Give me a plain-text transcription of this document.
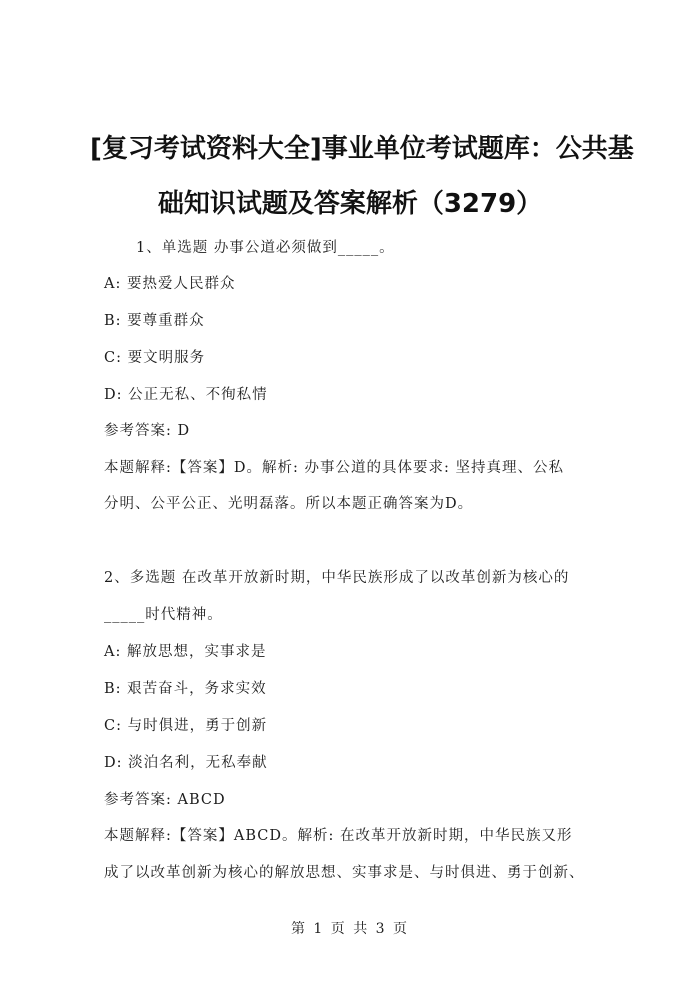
[复习考试资料大全]事业单位考试题库：公共基
础知识试题及答案解析（3279）
1、单选题 办事公道必须做到_____。
A: 要热爱人民群众
B: 要尊重群众
C: 要文明服务
D: 公正无私、不徇私情
参考答案: D
本题解释:【答案】D。解析: 办事公道的具体要求: 坚持真理、公私
分明、公平公正、光明磊落。所以本题正确答案为D。
2、多选题 在改革开放新时期，中华民族形成了以改革创新为核心的
_____时代精神。
A: 解放思想，实事求是
B: 艰苦奋斗，务求实效
C: 与时俱进，勇于创新
D: 淡泊名利，无私奉献
参考答案: ABCD
本题解释:【答案】ABCD。解析: 在改革开放新时期，中华民族又形
成了以改革创新为核心的解放思想、实事求是、与时俱进、勇于创新、
第 1 页 共 3 页
